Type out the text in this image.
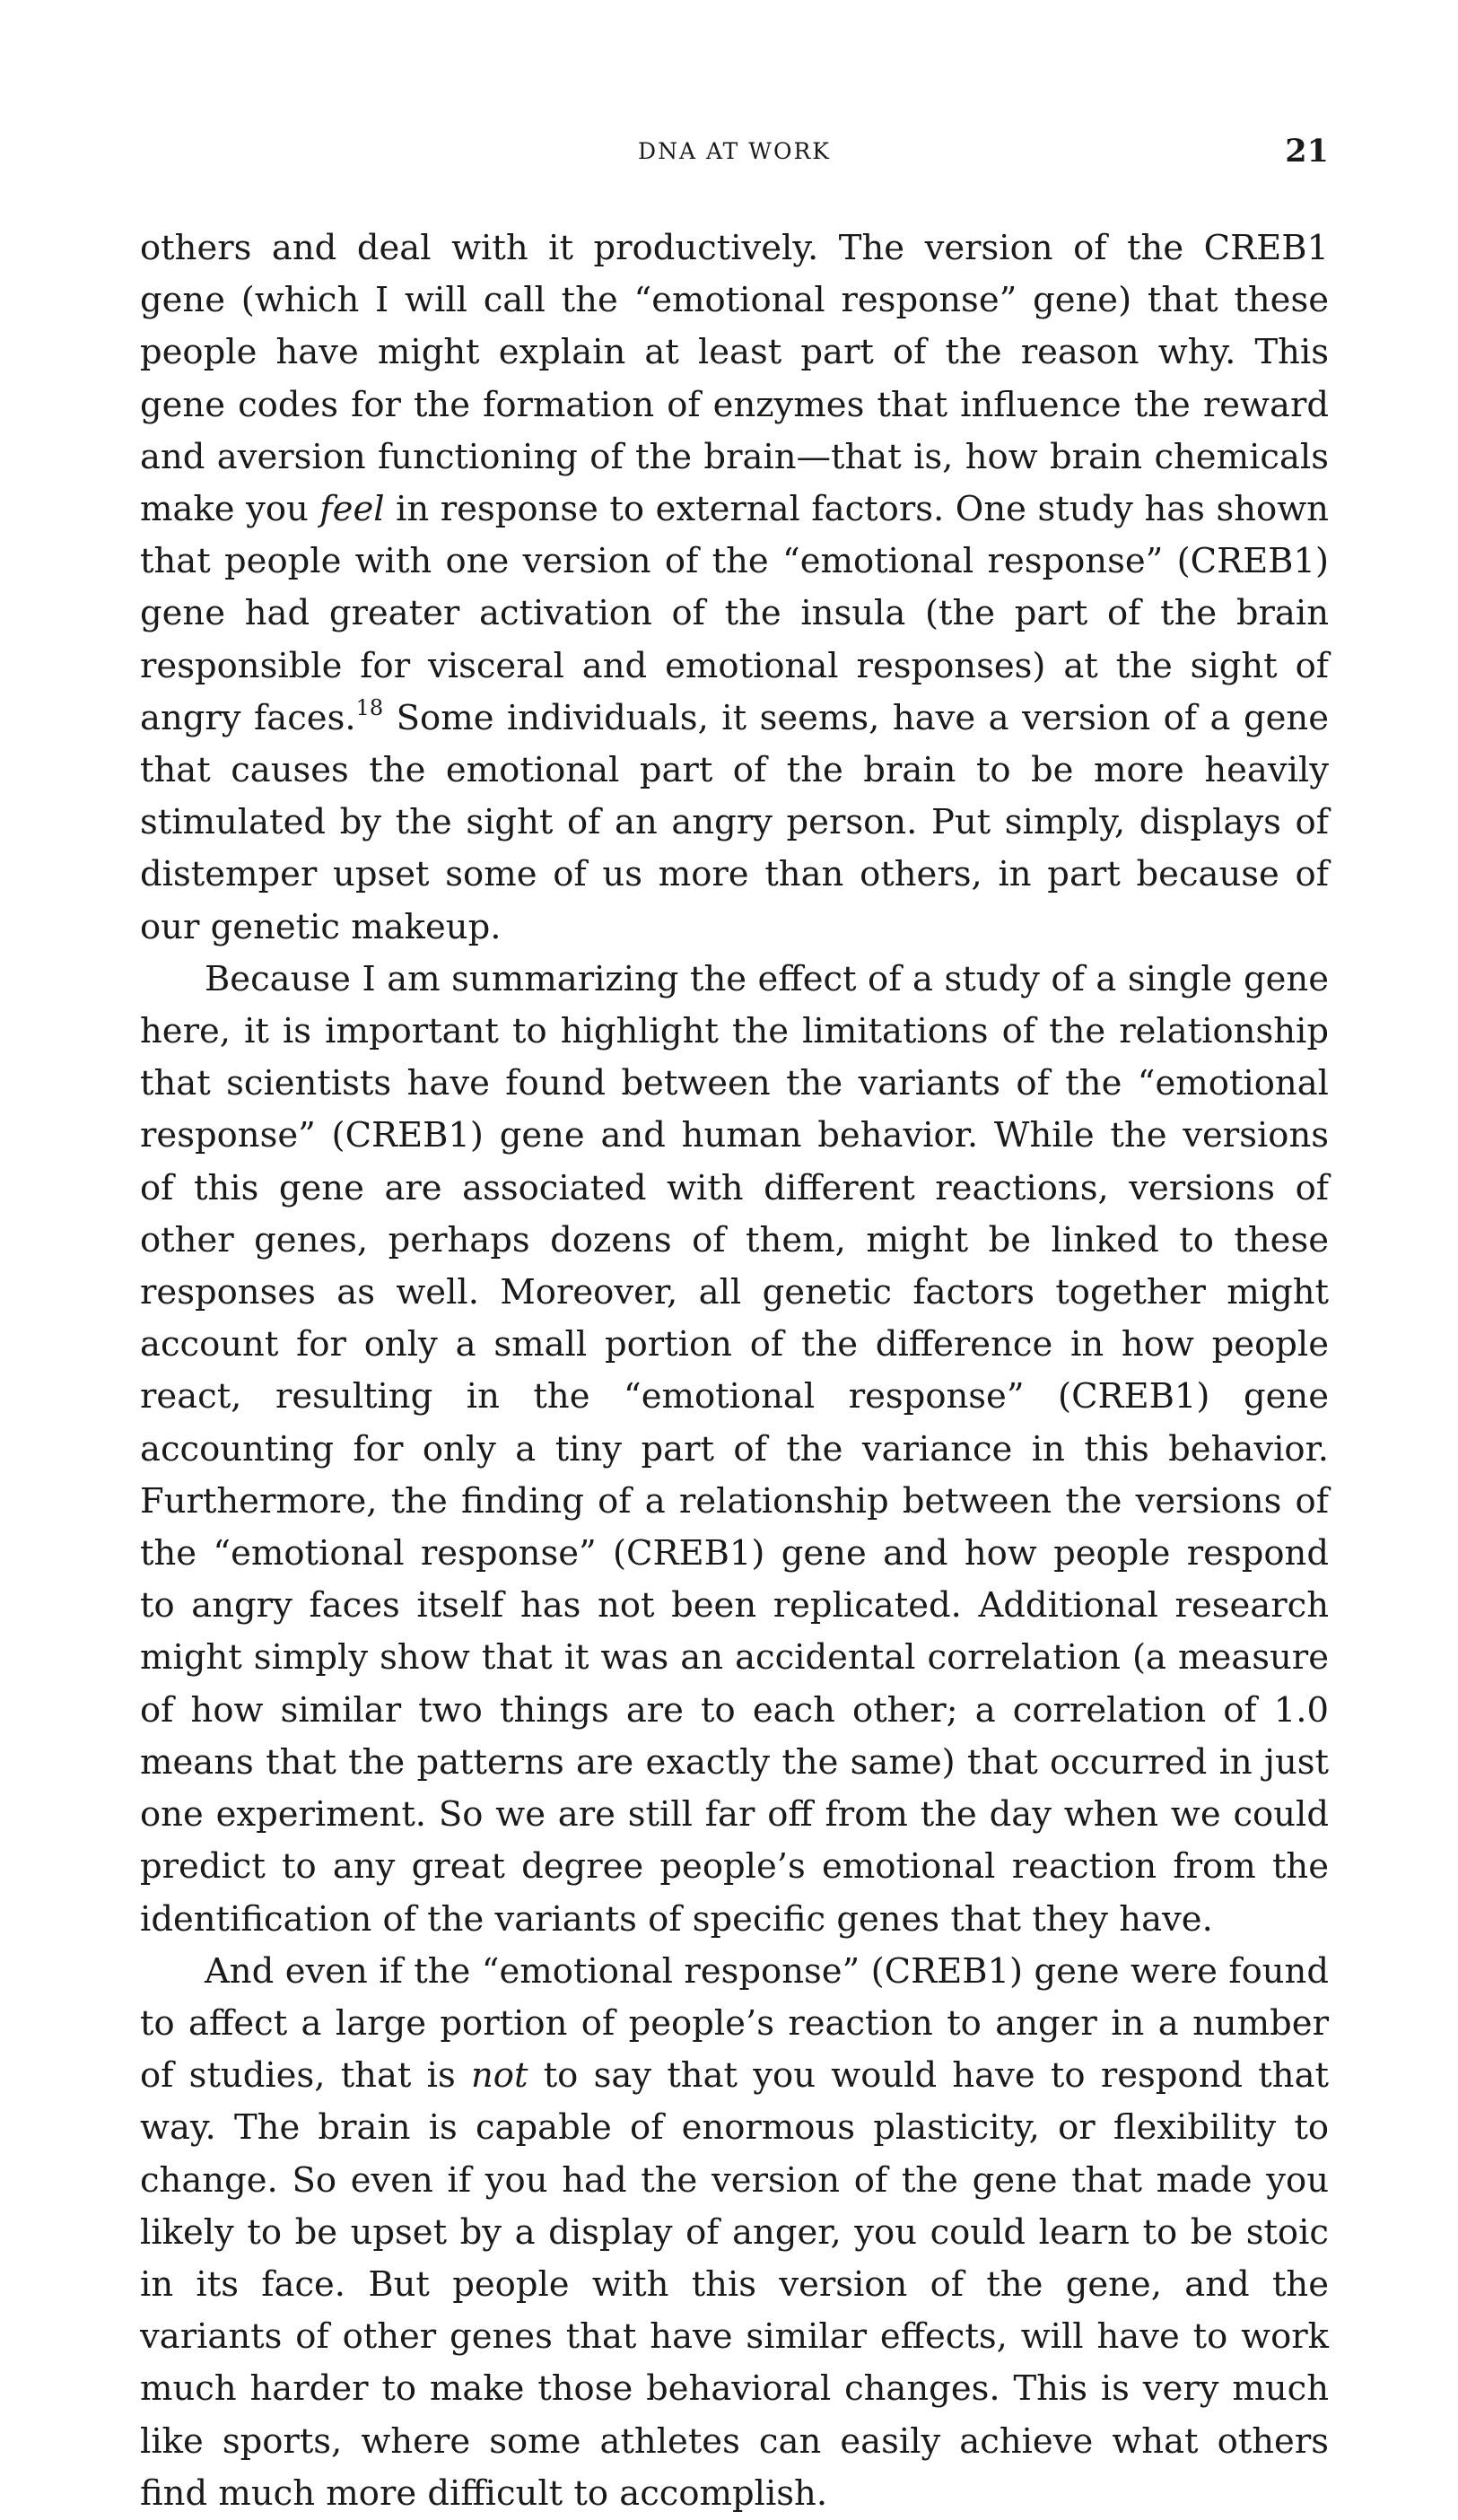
DNA AT WORK	21

others and deal with it productively. The version of the CREB1 gene (which I will call the “emotional response” gene) that these people have might explain at least part of the reason why. This gene codes for the formation of enzymes that influence the reward and aversion functioning of the brain—that is, how brain chemicals make you feel in response to external factors. One study has shown that people with one version of the “emotional response” (CREB1) gene had greater activation of the insula (the part of the brain responsible for visceral and emotional responses) at the sight of angry faces.$^{18}$ Some individuals, it seems, have a version of a gene that causes the emotional part of the brain to be more heavily stimulated by the sight of an angry person. Put simply, displays of distemper upset some of us more than others, in part because of our genetic makeup.

Because I am summarizing the effect of a study of a single gene here, it is important to highlight the limitations of the relationship that scientists have found between the variants of the “emotional response” (CREB1) gene and human behavior. While the versions of this gene are associated with different reactions, versions of other genes, perhaps dozens of them, might be linked to these responses as well. Moreover, all genetic factors together might account for only a small portion of the difference in how people react, resulting in the “emotional response” (CREB1) gene accounting for only a tiny part of the variance in this behavior. Furthermore, the finding of a relationship between the versions of the “emotional response” (CREB1) gene and how people respond to angry faces itself has not been replicated. Additional research might simply show that it was an accidental correlation (a measure of how similar two things are to each other; a correlation of 1.0 means that the patterns are exactly the same) that occurred in just one experiment. So we are still far off from the day when we could predict to any great degree people’s emotional reaction from the identification of the variants of specific genes that they have.

And even if the “emotional response” (CREB1) gene were found to affect a large portion of people’s reaction to anger in a number of studies, that is not to say that you would have to respond that way. The brain is capable of enormous plasticity, or flexibility to change. So even if you had the version of the gene that made you likely to be upset by a display of anger, you could learn to be stoic in its face. But people with this version of the gene, and the variants of other genes that have similar effects, will have to work much harder to make those behavioral changes. This is very much like sports, where some athletes can easily achieve what others find much more difficult to accomplish.
